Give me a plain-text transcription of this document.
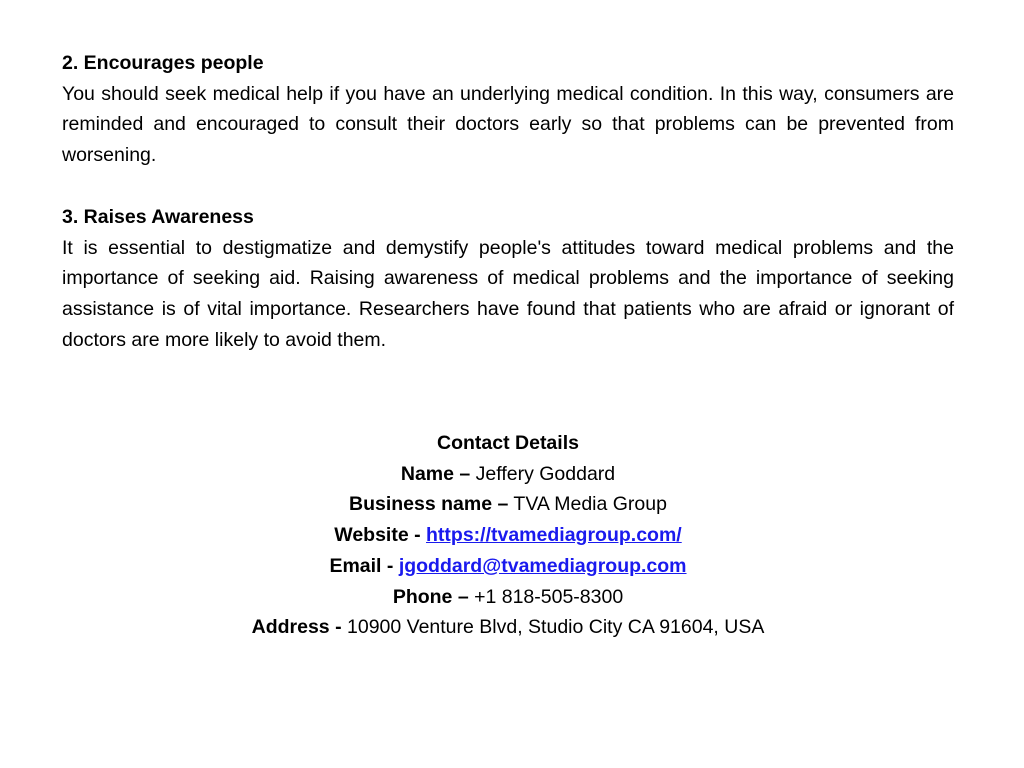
2. Encourages people
You should seek medical help if you have an underlying medical condition. In this way, consumers are reminded and encouraged to consult their doctors early so that problems can be prevented from worsening.
3. Raises Awareness
It is essential to destigmatize and demystify people's attitudes toward medical problems and the importance of seeking aid. Raising awareness of medical problems and the importance of seeking assistance is of vital importance. Researchers have found that patients who are afraid or ignorant of doctors are more likely to avoid them.
Contact Details
Name – Jeffery Goddard
Business name – TVA Media Group
Website - https://tvamediagroup.com/
Email - jgoddard@tvamediagroup.com
Phone – +1 818-505-8300
Address - 10900 Venture Blvd, Studio City CA 91604, USA
